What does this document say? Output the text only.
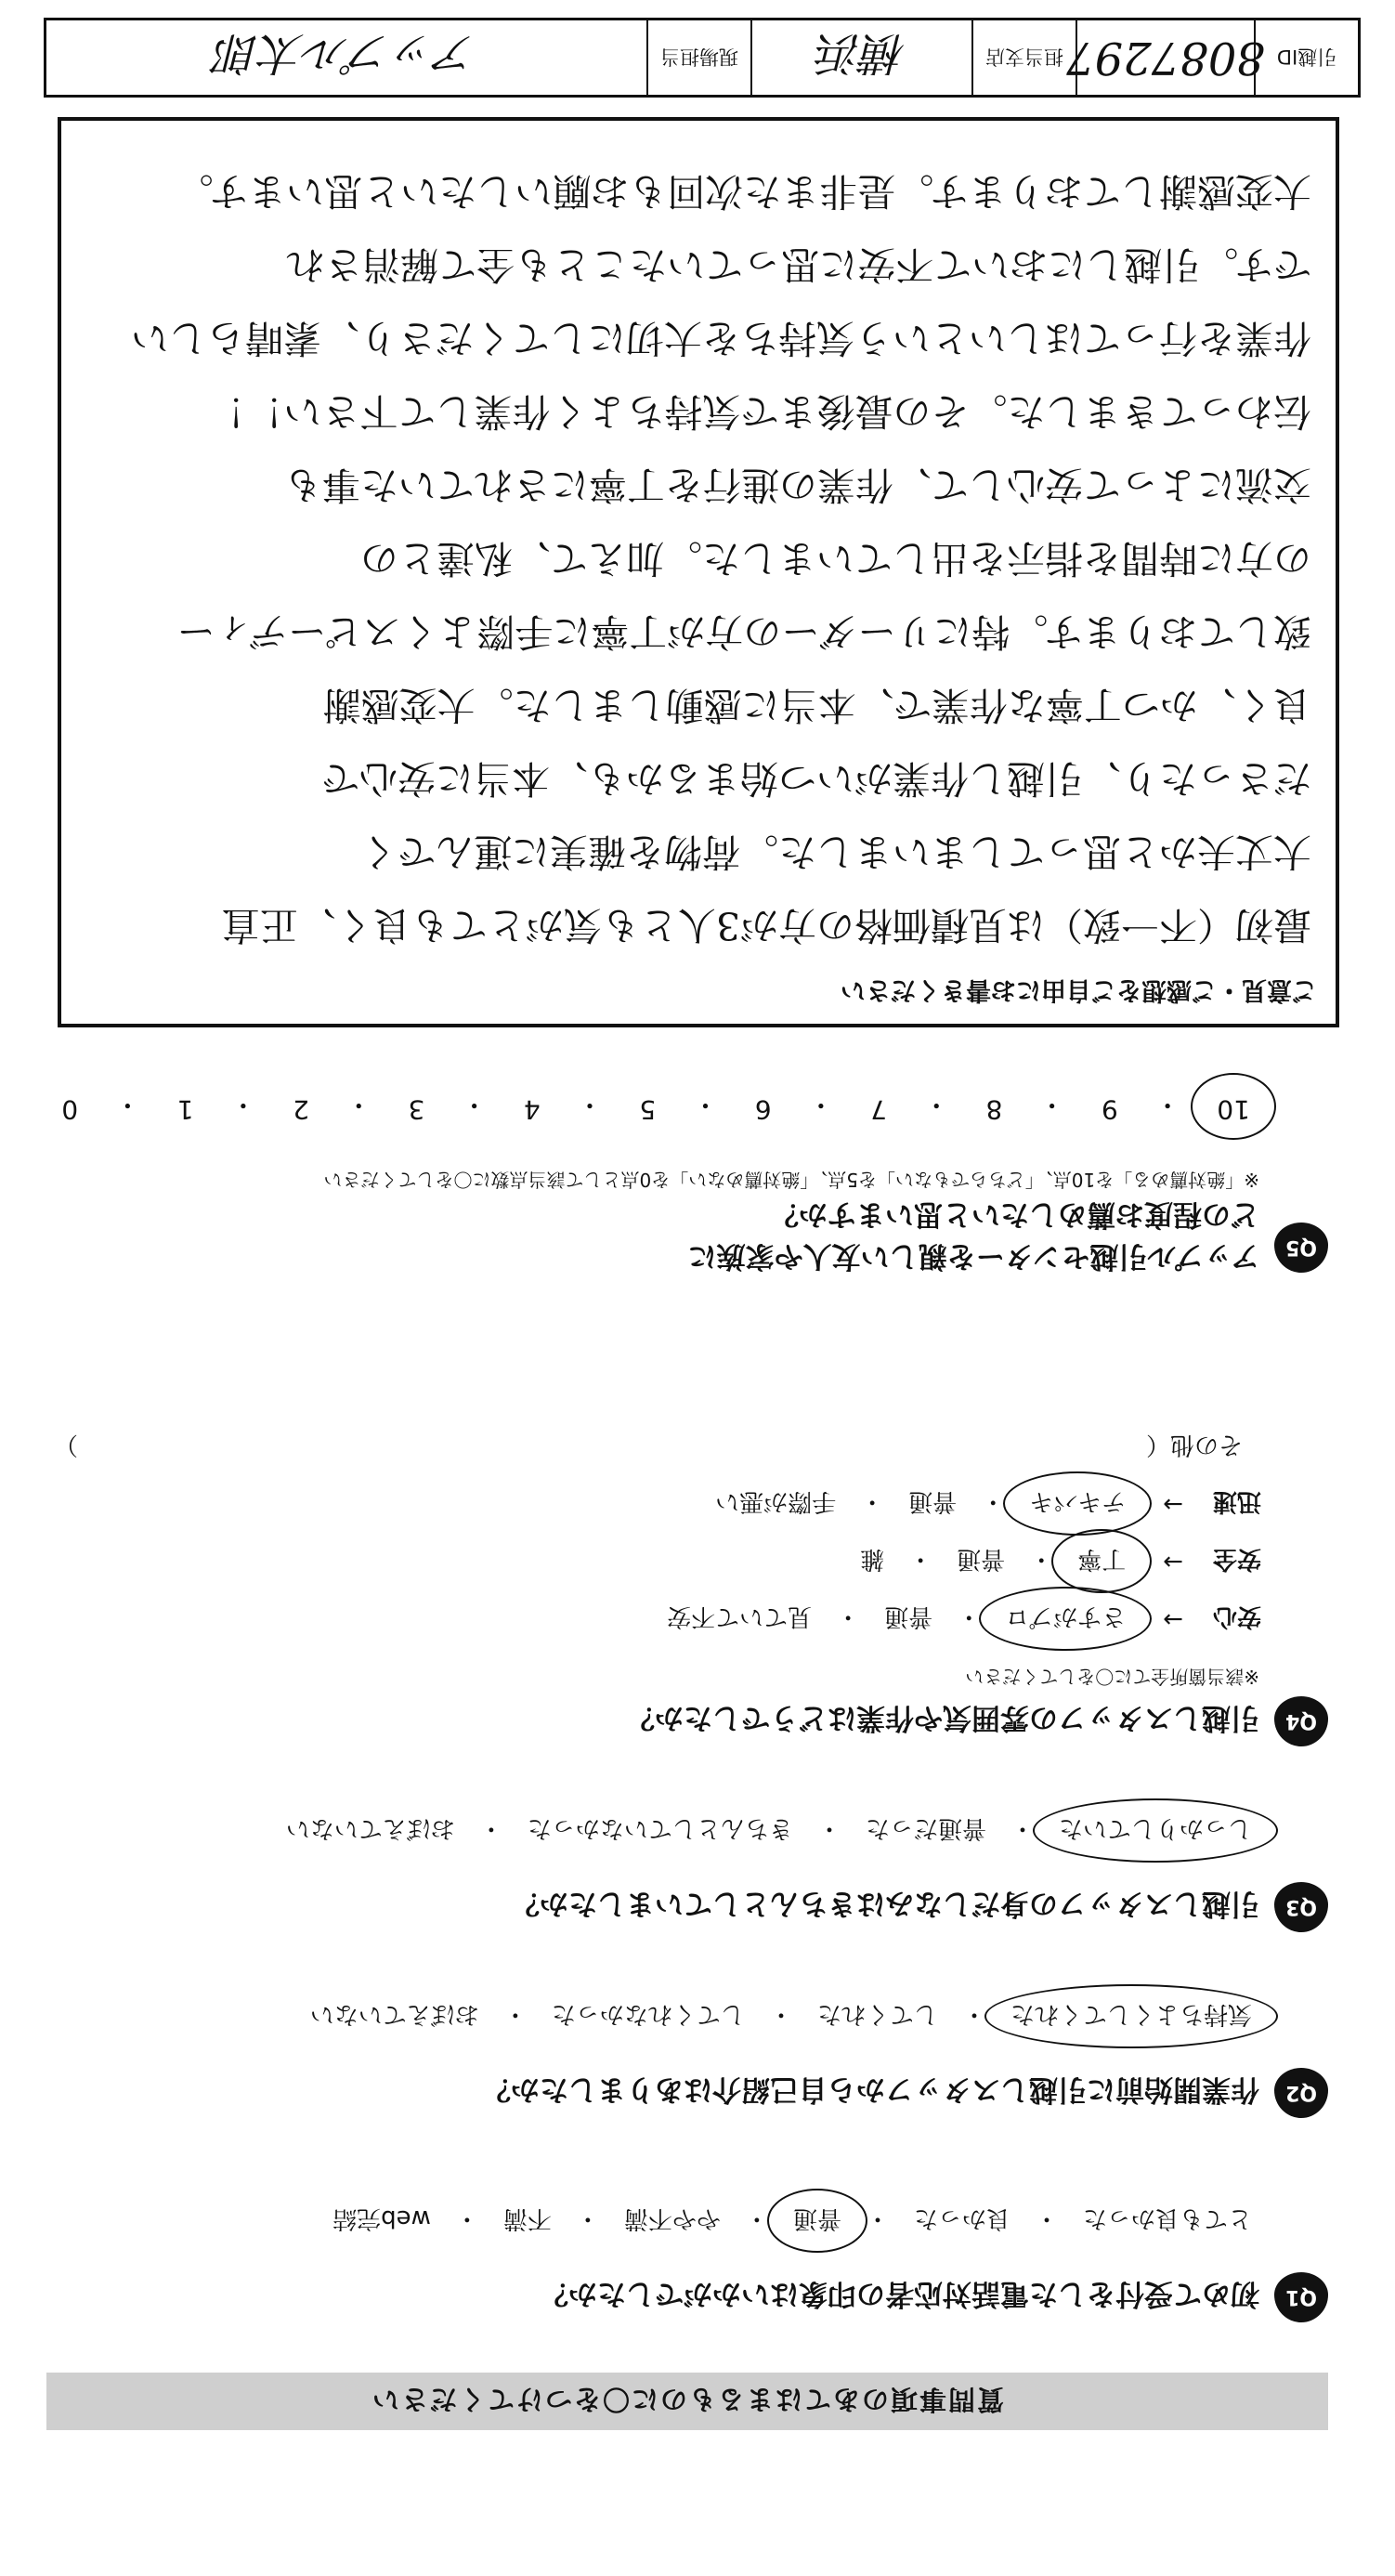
質問事項のあてはまるものに〇をつけてください
Q1
初めて受付をした電話対応者の印象はいかがでしたか？
とても良かった
・
良かった
・
普通
・
やや不満
・
不満
・
web完結
Q2
作業開始前に引越しスタッフから自己紹介はありましたか？
気持ちよくしてくれた
・
してくれた
・
してくれなかった
・
おぼえていない
Q3
引越しスタッフの身だしなみはきちんとしていましたか？
しっかりしていた
・
普通だった
・
きちんとしていなかった
・
おぼえていない
Q4
引越しスタッフの雰囲気や作業はどうでしたか？
※該当箇所全てに〇をしてください
安心
→
さすがプロ
・
普通
・
見ていて不安
安全
→
丁寧
・
普通
・
雑
迅速
→
テキパキ
・
普通
・
手際が悪い
その他（
）
Q5
アップル引越センターを親しい友人や家族に
どの程度お薦めしたいと思いますか？
※「絶対薦める」を10点、「どちらでもない」を5点、「絶対薦めない」を0点として該当点数に〇をしてください
10
・
9
・
8
・
7
・
6
・
5
・
4
・
3
・
2
・
1
・
0
ご意見・ご感想をご自由にお書きください
最初（不一致）は見積価格の方が3人とも気がとても良く、正直
大丈夫かと思ってしまいました。荷物を確実に運んでく
ださったり、引越し作業がいつ始まるかも、本当に安心で
良く、かつ丁寧な作業で、本当に感動しました。大変感謝
致しております。特にリーダーの方が丁寧に手際よくスピーディー
の方に時間を指示を出していました。加えて、私達との
交流によって安心して、作業の進行を丁寧にされていた事も
伝わってきました。その最後まで気持ちよく作業して下さい！！
作業を行ってほしいという気持ちを大切にしてくださり、素晴らしい
です。引越しにおいて不安に思っていたことも全て解消され
大変感謝しております。是非また次回もお願いしたいと思います。
引越ID
8087297
担当支店
横浜
現場担当
アップル太郎
